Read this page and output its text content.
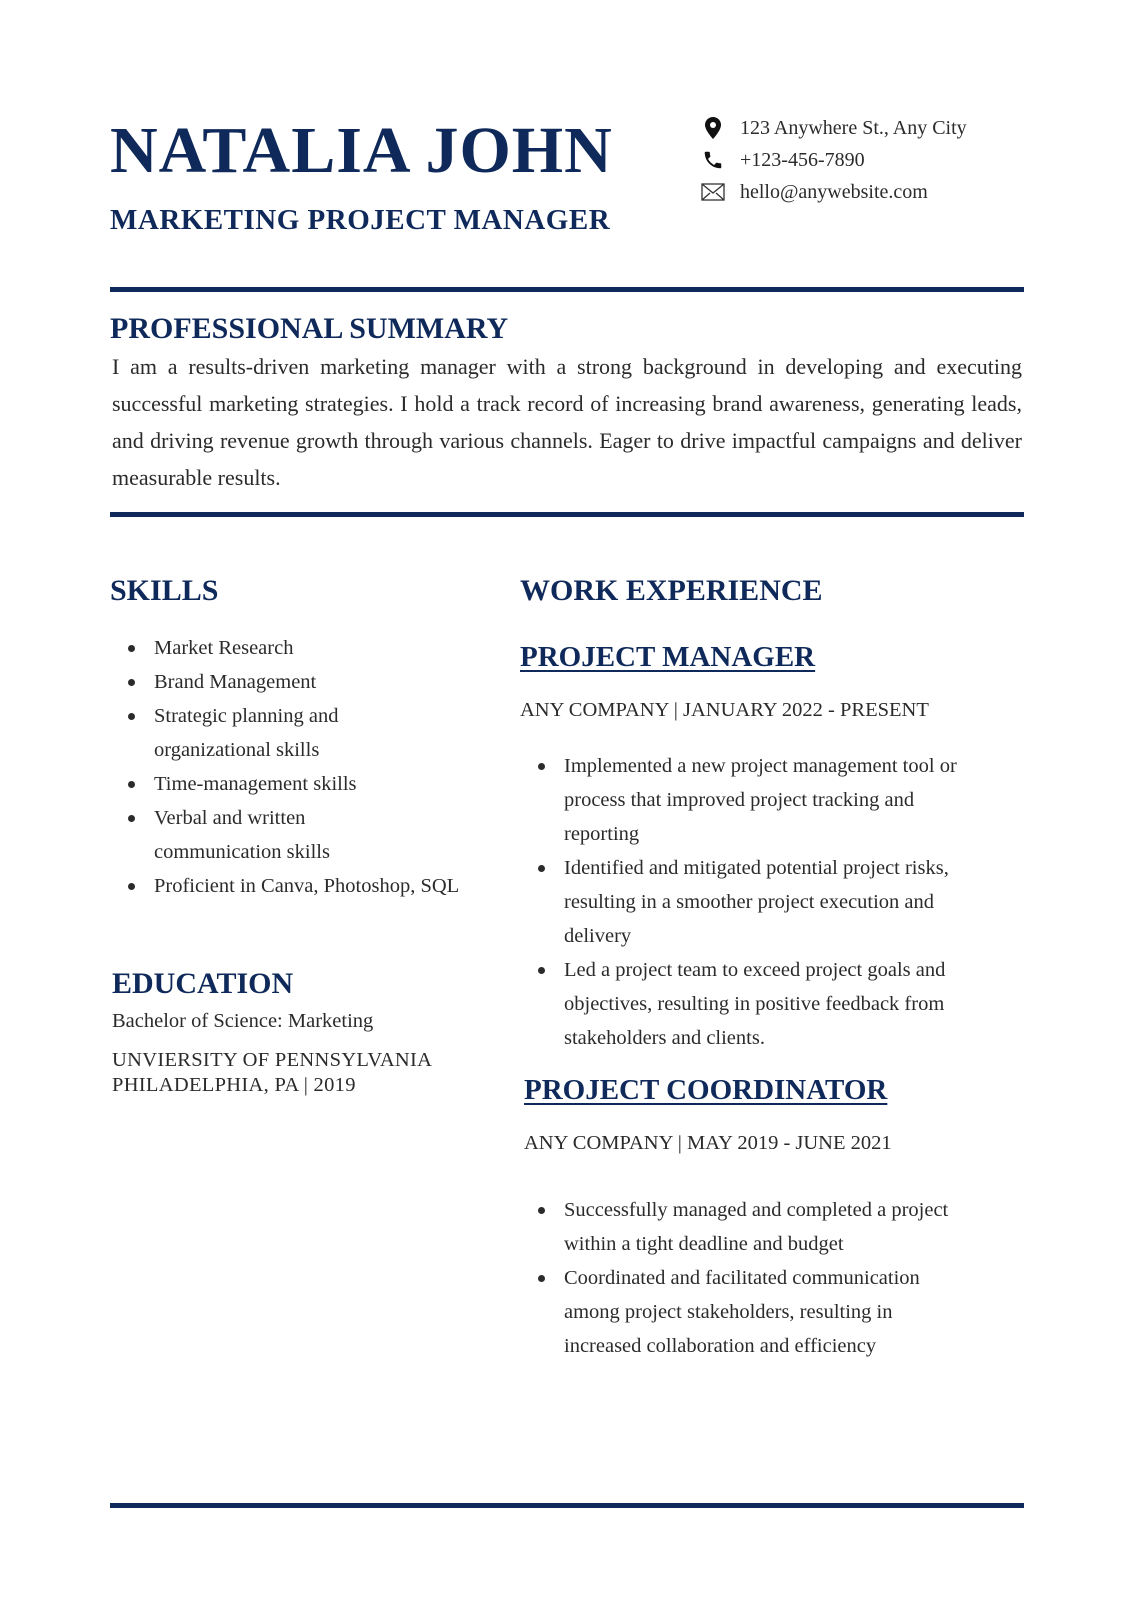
NATALIA JOHN
MARKETING PROJECT MANAGER
123 Anywhere St., Any City
+123-456-7890
hello@anywebsite.com
PROFESSIONAL SUMMARY

I am a results-driven marketing manager with a strong background in developing and executing successful marketing strategies. I hold a track record of increasing brand awareness, generating leads, and driving revenue growth through various channels. Eager to drive impactful campaigns and deliver measurable results.

SKILLS
Market Research
Brand Management
Strategic planning and organizational skills
Time-management skills
Verbal and written communication skills
Proficient in Canva, Photoshop, SQL
EDUCATION

Bachelor of Science: Marketing

UNVIERSITY OF PENNSYLVANIA

PHILADELPHIA, PA | 2019

WORK EXPERIENCE
PROJECT MANAGER

ANY COMPANY | JANUARY 2022 - PRESENT

Implemented a new project management tool or process that improved project tracking and reporting
Identified and mitigated potential project risks, resulting in a smoother project execution and delivery
Led a project team to exceed project goals and objectives, resulting in positive feedback from stakeholders and clients.
PROJECT COORDINATOR

ANY COMPANY | MAY 2019 - JUNE 2021

Successfully managed and completed a project within a tight deadline and budget
Coordinated and facilitated communication among project stakeholders, resulting in increased collaboration and efficiency
